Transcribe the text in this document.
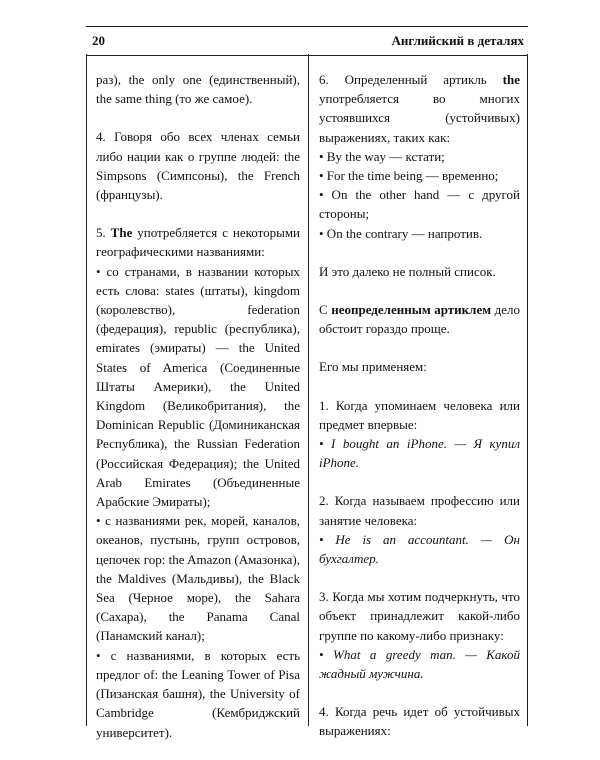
20	Английский в деталях

раз), the only one (единственный), the same thing (то же самое).

4. Говоря обо всех членах семьи либо нации как о группе людей: the Simpsons (Симпсоны), the French (французы).

5. The употребляется с некоторыми географическими названиями:
• со странами, в названии которых есть слова: states (штаты), kingdom (королевство), federation (федерация), republic (республика), emirates (эмираты) — the United States of America (Соединенные Штаты Америки), the United Kingdom (Великобритания), the Dominican Republic (Доминиканская Республика), the Russian Federation (Российская Федерация); the United Arab Emirates (Объединенные Арабские Эмираты);
• с названиями рек, морей, каналов, океанов, пустынь, групп островов, цепочек гор: the Amazon (Амазонка), the Maldives (Мальдивы), the Black Sea (Черное море), the Sahara (Сахара), the Panama Canal (Панамский канал);
• с названиями, в которых есть предлог of: the Leaning Tower of Pisa (Пизанская башня), the University of Cambridge (Кембриджский университет).
6. Определенный артикль the употребляется во многих устоявшихся (устойчивых) выражениях, таких как:
• By the way — кстати;
• For the time being — временно;
• On the other hand — с другой стороны;
• On the contrary — напротив.

И это далеко не полный список.

С неопределенным артиклем дело обстоит гораздо проще.

Его мы применяем:

1. Когда упоминаем человека или предмет впервые:
• I bought an iPhone. — Я купил iPhone.

2. Когда называем профессию или занятие человека:
• He is an accountant. — Он бухгалтер.

3. Когда мы хотим подчеркнуть, что объект принадлежит какой-либо группе по какому-либо признаку:
• What a greedy man. — Какой жадный мужчина.

4. Когда речь идет об устойчивых выражениях:
